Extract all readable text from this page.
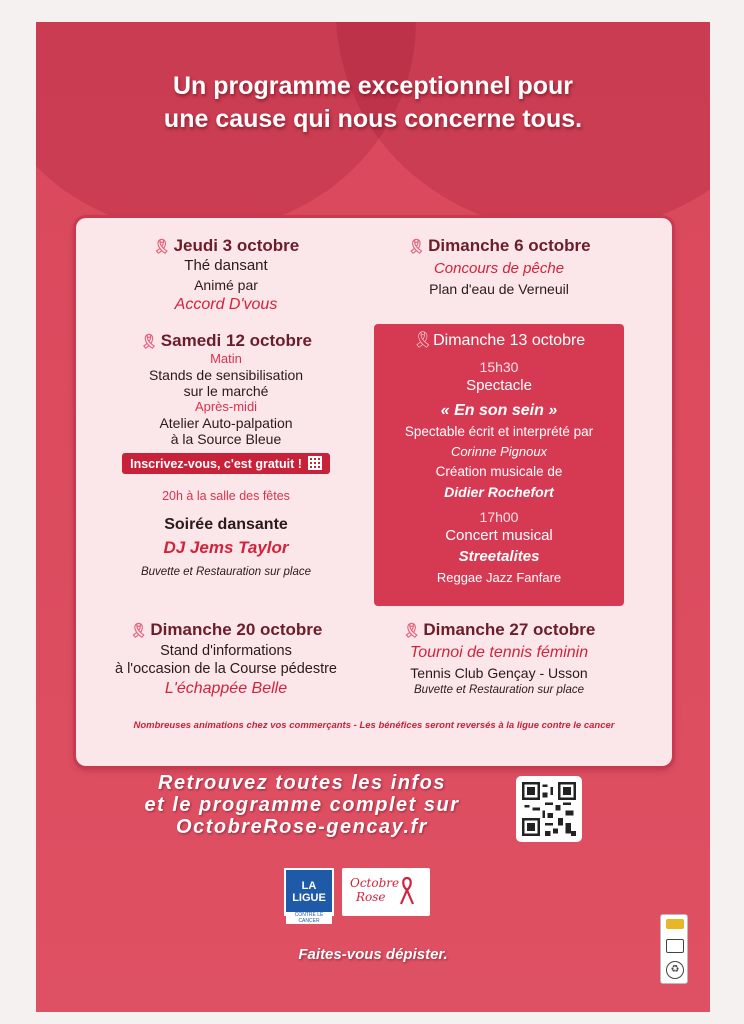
Un programme exceptionnel pour
une cause qui nous concerne tous.
🎗 Jeudi 3 octobre
Thé dansant
Animé par
Accord D'vous
🎗 Dimanche 6 octobre
Concours de pêche
Plan d'eau de Verneuil
🎗 Samedi 12 octobre
Matin
Stands de sensibilisation
sur le marché
Après-midi
Atelier Auto-palpation
à la Source Bleue
Inscrivez-vous, c'est gratuit !
20h à la salle des fêtes
Soirée dansante
DJ Jems Taylor
Buvette et Restauration sur place
🎗Dimanche 13 octobre
15h30
Spectacle
« En son sein »
Spectable écrit et interprété par
Corinne Pignoux
Création musicale de
Didier Rochefort
17h00
Concert musical
Streetalites
Reggae Jazz Fanfare
🎗 Dimanche 20 octobre
Stand d'informations
à l'occasion de la Course pédestre
L'échappée Belle
🎗 Dimanche 27 octobre
Tournoi de tennis féminin
Tennis Club Gençay - Usson
Buvette et Restauration sur place
Nombreuses animations chez vos commerçants - Les bénéfices seront reversés à la ligue contre le cancer
Retrouvez toutes les infos
et le programme complet sur
OctobreRose-gencay.fr
LA LIGUE
CONTRE LE CANCER
Octobre
Rose
Faites-vous dépister.
♻
